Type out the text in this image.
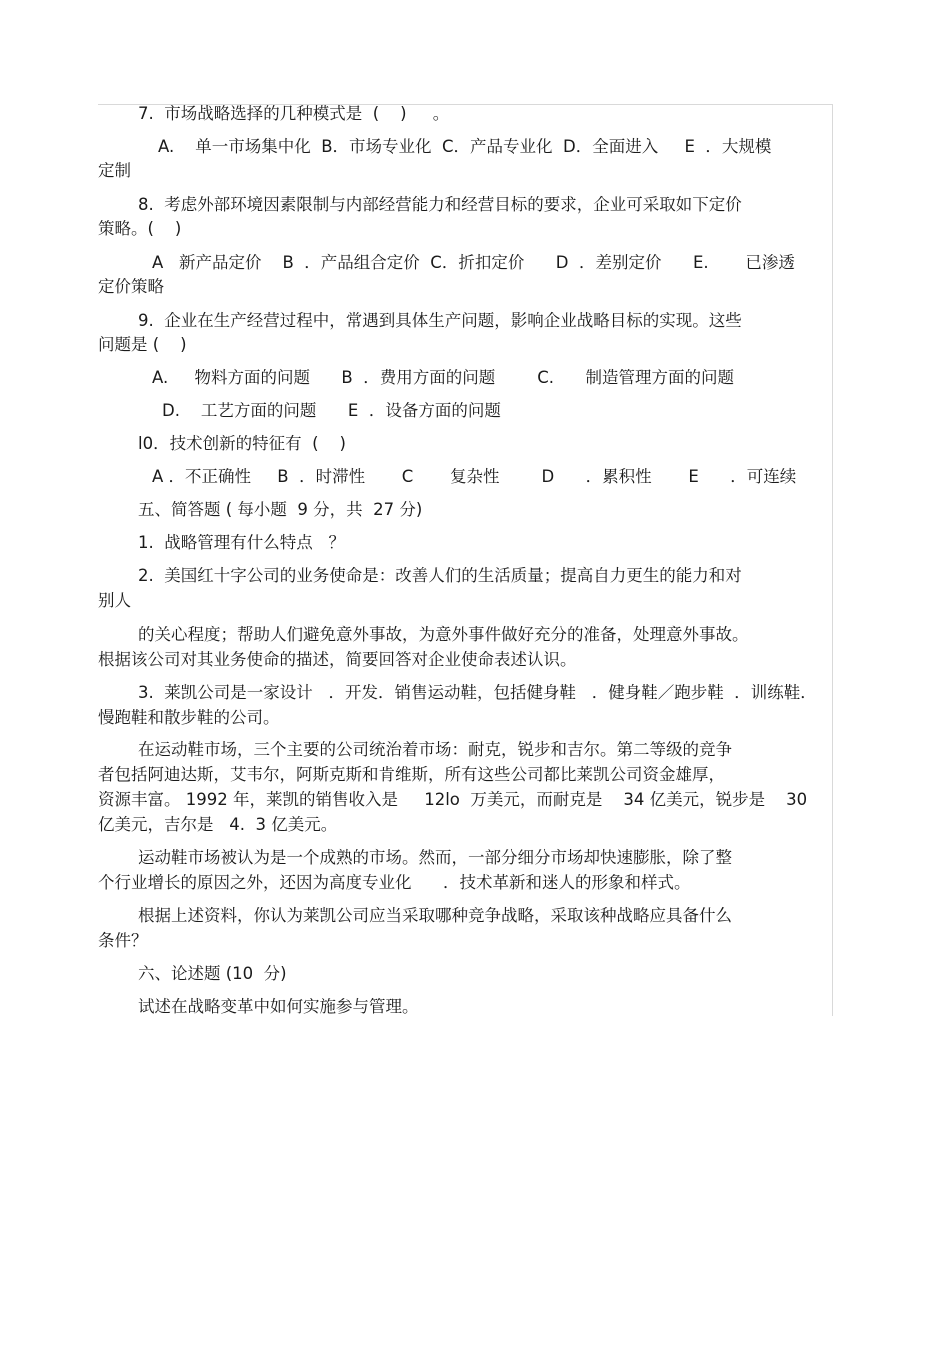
7.  市场战略选择的几种模式是  (    )     。
A.    单一市场集中化  B．市场专业化  C．产品专业化  D．全面进入     E  ．大规模
定制
8.  考虑外部环境因素限制与内部经营能力和经营目标的要求，企业可采取如下定价
策略。(    )
A   新产品定价    B  ．产品组合定价  C．折扣定价      D  ．差别定价      E.       已渗透
定价策略
9.  企业在生产经营过程中，常遇到具体生产问题，影响企业战略目标的实现。这些
问题是 (    )
A.     物料方面的问题      B  ．费用方面的问题        C.      制造管理方面的问题
D.    工艺方面的问题      E  ．设备方面的问题
l0．技术创新的特征有  (    )
A ．不正确性     B  ．时滞性       C       复杂性        D      ．累积性       E      ．可连续
五、简答题 ( 每小题  9 分，共  27 分)
1.  战略管理有什么特点   ？
2.  美国红十字公司的业务使命是：改善人们的生活质量；提高自力更生的能力和对
别人
的关心程度；帮助人们避免意外事故，为意外事件做好充分的准备，处理意外事故。
根据该公司对其业务使命的描述，简要回答对企业使命表述认识。
3.  莱凯公司是一家设计   ．开发．销售运动鞋，包括健身鞋   ．健身鞋／跑步鞋  ．训练鞋．
慢跑鞋和散步鞋的公司。
在运动鞋市场，三个主要的公司统治着市场：耐克，锐步和吉尔。第二等级的竞争
者包括阿迪达斯，艾韦尔，阿斯克斯和肯维斯，所有这些公司都比莱凯公司资金雄厚，
资源丰富。 1992 年，莱凯的销售收入是     12lo  万美元，而耐克是    34 亿美元，锐步是    30
亿美元，吉尔是   4.  3 亿美元。
运动鞋市场被认为是一个成熟的市场。然而，一部分细分市场却快速膨胀，除了整
个行业增长的原因之外，还因为高度专业化      ．技术革新和迷人的形象和样式。
根据上述资料，你认为莱凯公司应当采取哪种竞争战略，采取该种战略应具备什么
条件？
六、论述题 (10  分)
试述在战略变革中如何实施参与管理。
